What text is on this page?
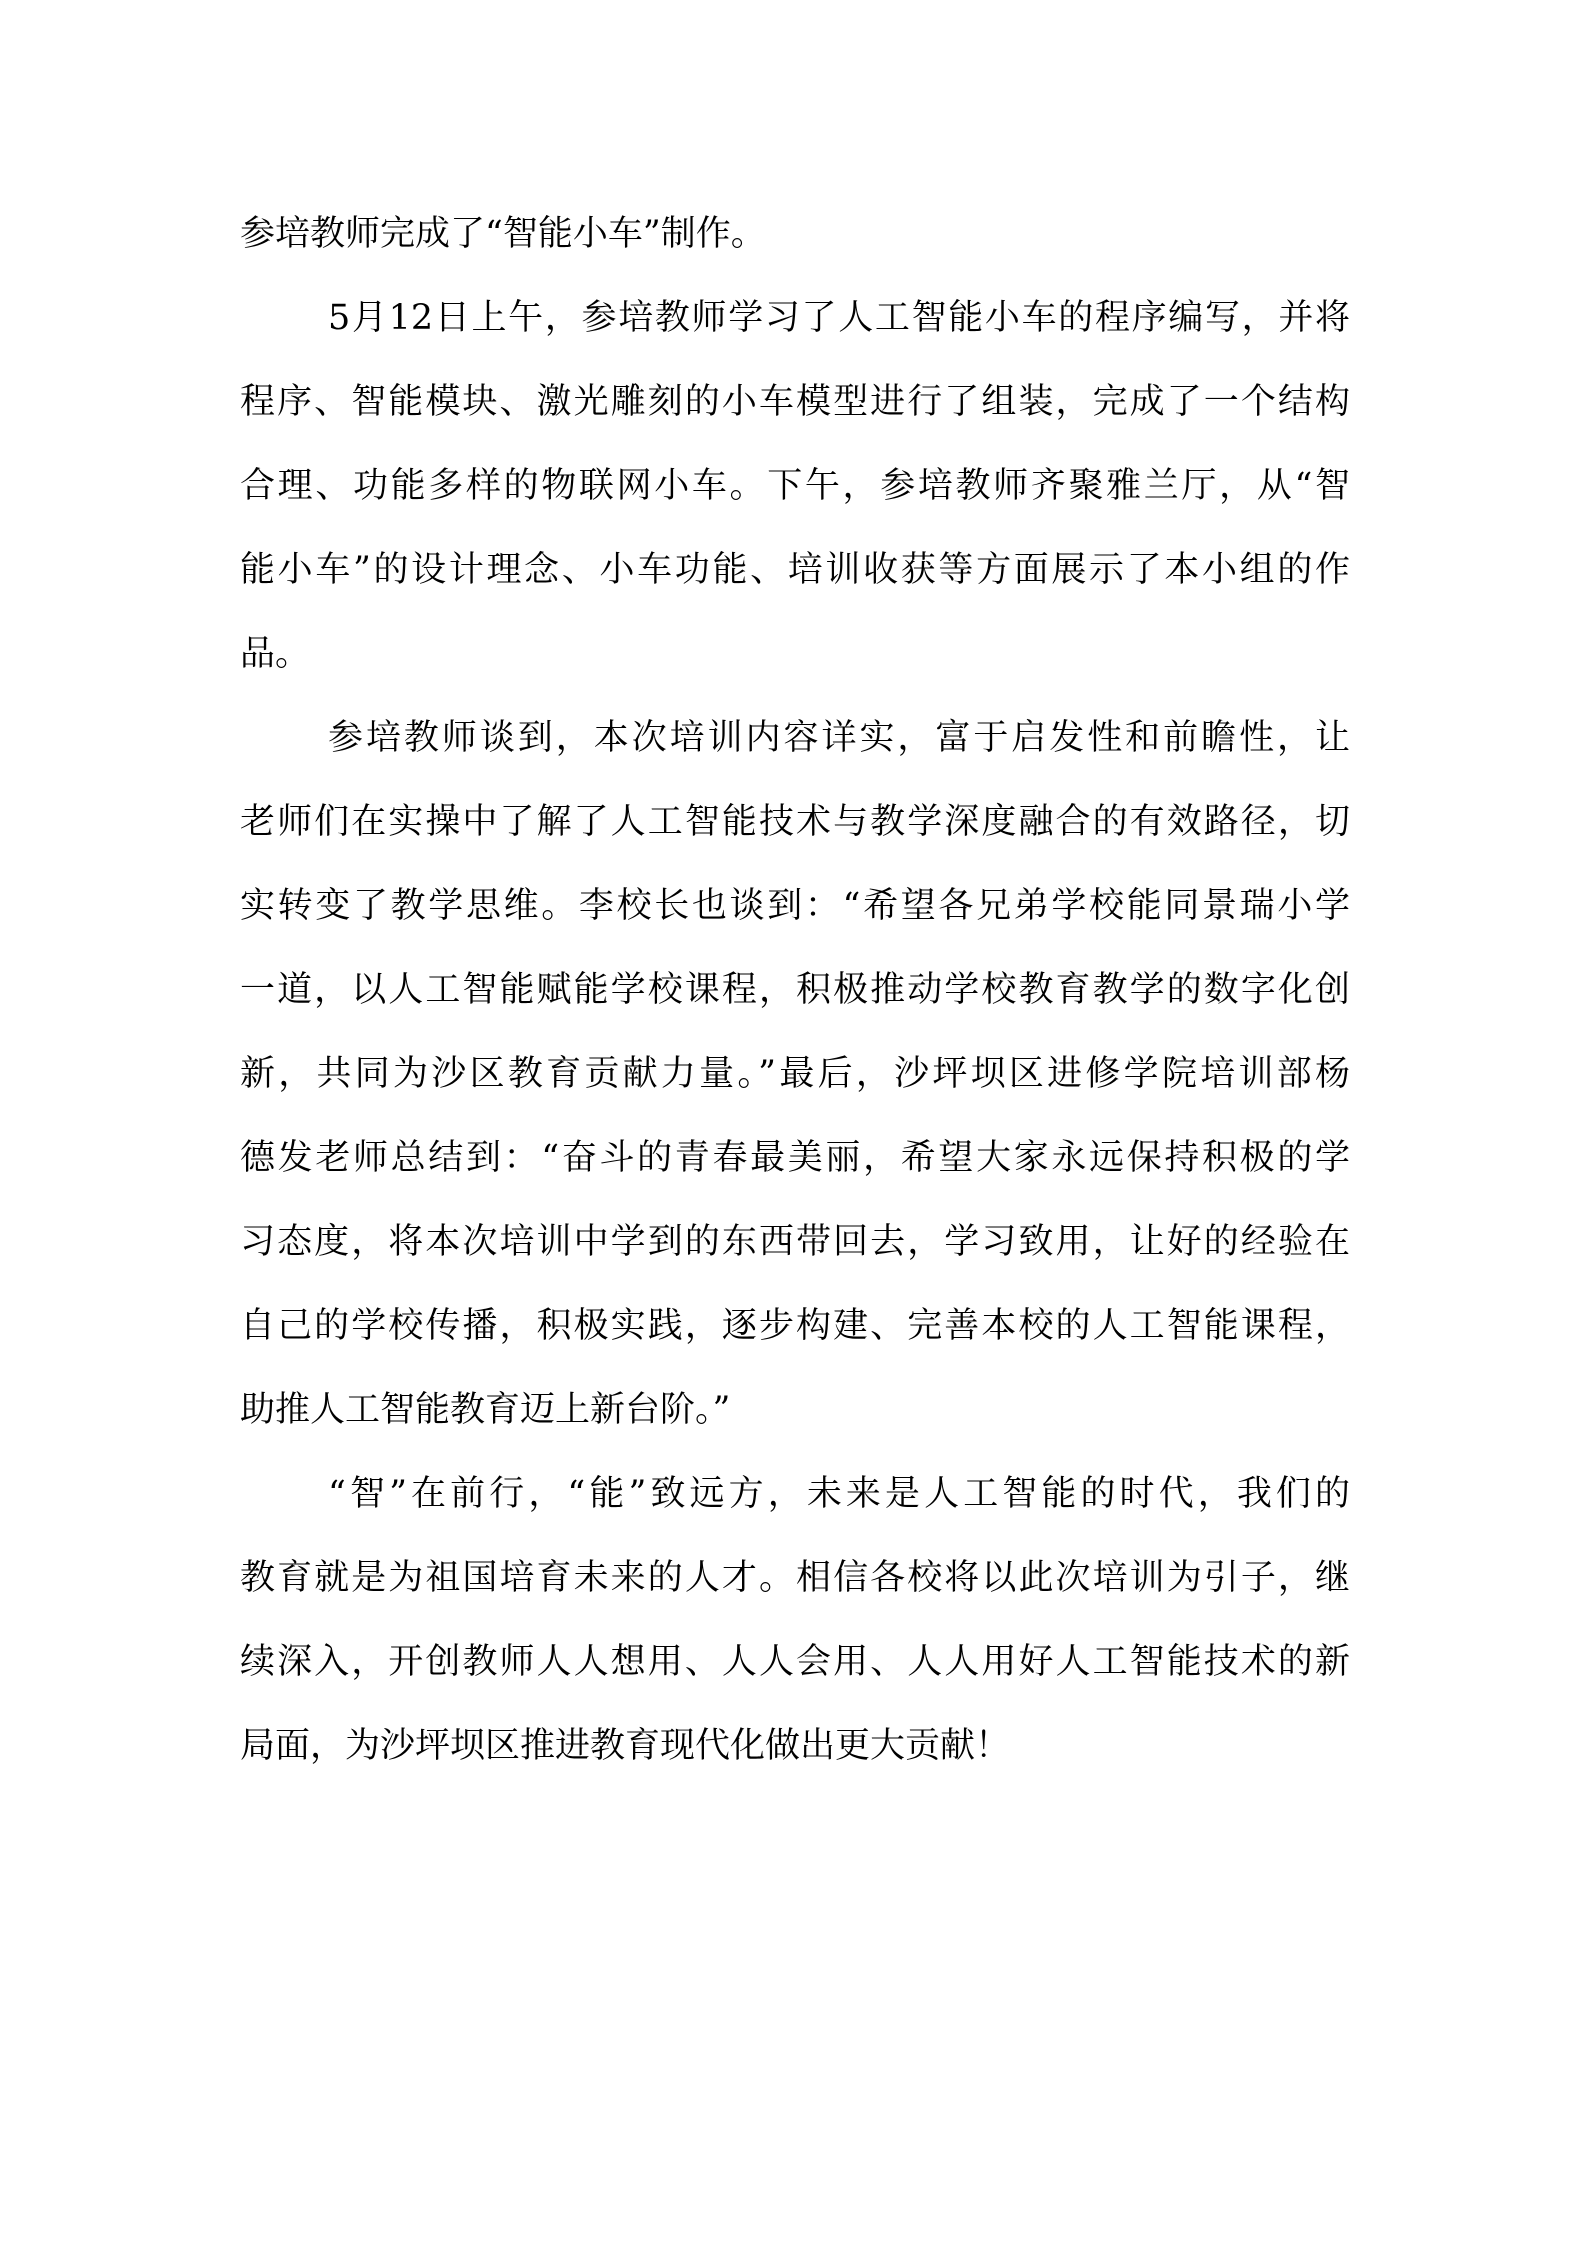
参培教师完成了“智能小车”制作。

5月12日上午，参培教师学习了人工智能小车的程序编写，并将
程序、智能模块、激光雕刻的小车模型进行了组装，完成了一个结构
合理、功能多样的物联网小车。下午，参培教师齐聚雅兰厅，从“智
能小车”的设计理念、小车功能、培训收获等方面展示了本小组的作
品。

参培教师谈到，本次培训内容详实，富于启发性和前瞻性，让
老师们在实操中了解了人工智能技术与教学深度融合的有效路径，切
实转变了教学思维。李校长也谈到：“希望各兄弟学校能同景瑞小学
一道，以人工智能赋能学校课程，积极推动学校教育教学的数字化创
新，共同为沙区教育贡献力量。”最后，沙坪坝区进修学院培训部杨
德发老师总结到：“奋斗的青春最美丽，希望大家永远保持积极的学
习态度，将本次培训中学到的东西带回去，学习致用，让好的经验在
自己的学校传播，积极实践，逐步构建、完善本校的人工智能课程，
助推人工智能教育迈上新台阶。”

“智”在前行，“能”致远方，未来是人工智能的时代，我们的
教育就是为祖国培育未来的人才。相信各校将以此次培训为引子，继
续深入，开创教师人人想用、人人会用、人人用好人工智能技术的新
局面，为沙坪坝区推进教育现代化做出更大贡献！
